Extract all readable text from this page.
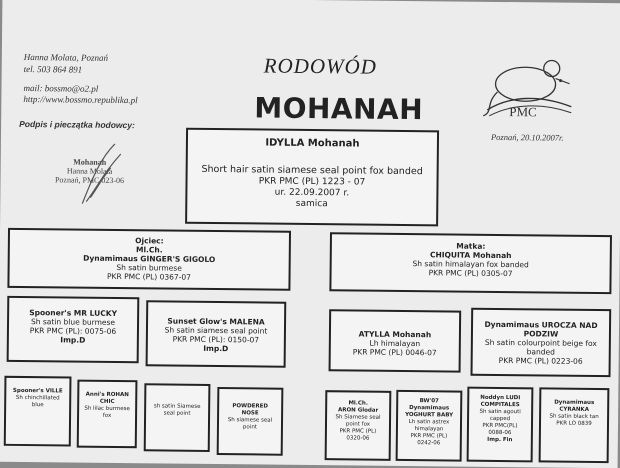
Hanna Molata, Poznań
tel. 503 864 891
mail: bossmo@o2.pl
http://www.bossmo.republika.pl
Podpis i pieczątka hodowcy:
Mohanah
Hanna Molata
Poznań, PMC 023-06
RODOWÓD
MOHANAH	PMC
Poznań, 20.10.2007r.
IDYLLA Mohanah
Short hair satin siamese seal point fox banded
PKR PMC (PL) 1223 - 07
ur. 22.09.2007 r.
samica
Ojciec:
Ml.Ch.
Dynamimaus GINGER'S GIGOLO
Sh satin burmese
PKR PMC (PL) 0367-07
Matka:
CHIQUITA Mohanah
Sh satin himalayan fox banded
PKR PMC (PL) 0305-07
Spooner's MR LUCKY
Sh satin blue burmese
PKR PMC (PL): 0075-06
Imp.D
Sunset Glow's MALENA
Sh satin siamese seal point
PKR PMC (PL): 0150-07
Imp.D
ATYLLA Mohanah
Lh himalayan
PKR PMC (PL) 0046-07
Dynamimaus UROCZA NAD PODZIW
Sh satin colourpoint beige fox banded
PKR PMC (PL) 0223-06
Spooner's VILLE
Sh chinchillated
blue
Anni's ROHAN
CHIC
Sh lilac burmese
fox
sh satin Siamese
seal point
POWDERED
NOSE
Sh siamese seal
point
Ml.Ch.
ARON Glodar
Sh Siamese seal
point fox
PKR PMC (PL)
0320-06
BW'07
Dynamimaus
YOGHURT BABY
Lh satin astrex
himalayan
PKR PMC (PL)
0242-06
Noddyn LUDI
COMPITALES
Sh satin agouti
capped
PKR PMC(PL)
0088-06
Imp. Fin
Dynamimaus
CYRANKA
Sh satin black tan
PKR LO 0839
